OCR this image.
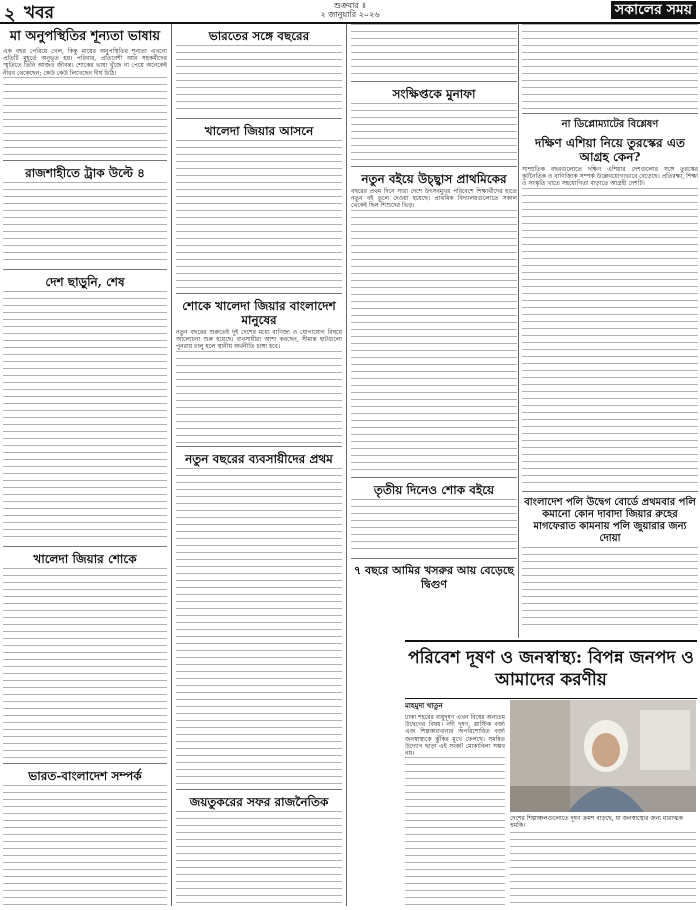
২ খবর	শুক্রবার ॥
২ জানুয়ারি ২০২৬	সকালের সময়
মা অনুপস্থিতির শূন্যতা ভাষায়
এক বছর পেরিয়ে গেল, কিন্তু মায়ের অনুপস্থিতির শূন্যতা এখনো প্রতিটি মুহূর্তে অনুভূত হয়। পরিবার, প্রতিবেশী আর সহকর্মীদের স্মৃতিতে তিনি আজও জীবন্ত। শোকের ভাষা খুঁজে না পেয়ে অনেকেই নীরব থেকেছেন; কেউ কেউ লিখেছেন দীর্ঘ চিঠি।
রাজশাহীতে ট্রাক উল্টে ৪
দেশ ছাড়ুনি, শেষ
খালেদা জিয়ার শোকে
ভারত-বাংলাদেশ সম্পর্ক
ভারতের সঙ্গে বছরের
খালেদা জিয়ার আসনে
শোকে খালেদা জিয়ার বাংলাদেশ মানুষের
নতুন বছরের শুরুতেই দুই দেশের মধ্যে বাণিজ্য ও যোগাযোগ বিষয়ে আলোচনা শুরু হয়েছে। ব্যবসায়ীরা আশা করছেন, সীমান্ত হাটগুলো পুনরায় চালু হলে স্থানীয় অর্থনীতি চাঙ্গা হবে।
নতুন বছরের ব্যবসায়ীদের প্রথম
জয়তুকরের সফর রাজনৈতিক
সংক্ষিপ্তকে মুনাফা
নতুন বইয়ে উচ্ছ্বাস প্রাথমিকের
বছরের প্রথম দিনে সারা দেশে উৎসবমুখর পরিবেশে শিক্ষার্থীদের হাতে নতুন বই তুলে দেওয়া হয়েছে। প্রাথমিক বিদ্যালয়গুলোতে সকাল থেকেই ছিল শিশুদের ভিড়।
তৃতীয় দিনেও শোক বইয়ে
৭ বছরে আমির খসরুর আয় বেড়েছে দ্বিগুণ
না ডিপ্লোম্যাটের বিশ্লেষণ
দক্ষিণ এশিয়া নিয়ে তুরস্কের এত আগ্রহ কেন?
সাম্প্রতিক বছরগুলোতে দক্ষিণ এশিয়ার দেশগুলোর সঙ্গে তুরস্কের কূটনৈতিক ও বাণিজ্যিক সম্পর্ক উল্লেখযোগ্যভাবে বেড়েছে। প্রতিরক্ষা, শিক্ষা ও সংস্কৃতি খাতে সহযোগিতা বাড়াতে আগ্রহী দেশটি।
বাংলাদেশ পলি উদ্বেগ বোর্ডে প্রথমবার পলি কমানো কোন দাবাদা জিয়ার রুহের মাগফেরাত কামনায় পলি জুয়ারার জন্য দোয়া
পরিবেশ দূষণ ও জনস্বাস্থ্য: বিপন্ন জনপদ ও আমাদের করণীয়
মাহমুদা খাতুন
ঢাকা শহরের বায়ুদূষণ এখন বিশ্বের অন্যতম উদ্বেগের বিষয়। নদী দূষণ, প্লাস্টিক বর্জ্য এবং শিল্পকারখানার অপরিশোধিত বর্জ্য জনস্বাস্থ্যকে ঝুঁকির মুখে ফেলছে। সমন্বিত উদ্যোগ ছাড়া এই সংকট মোকাবিলা সম্ভব নয়।
দেশের শিল্পাঞ্চলগুলোতে দূষণ ক্রমশ বাড়ছে, যা জনস্বাস্থ্যের জন্য মারাত্মক হুমকি।
